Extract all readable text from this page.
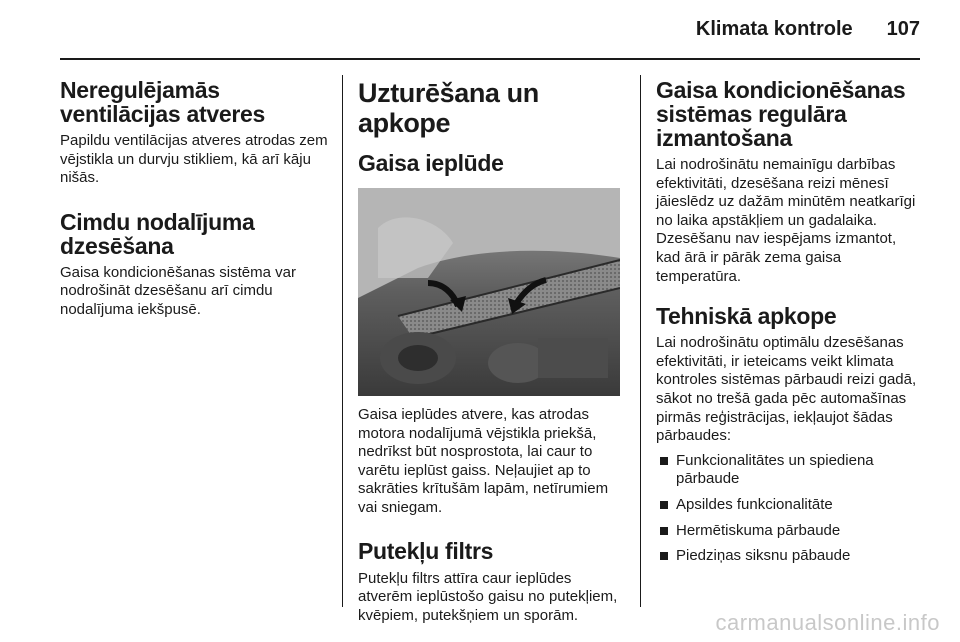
Klimata kontrole 107
Neregulējamās ventilācijas atveres

Papildu ventilācijas atveres atrodas zem vējstikla un durvju stikliem, kā arī kāju nišās.

Cimdu nodalījuma dzesēšana

Gaisa kondicionēšanas sistēma var nodrošināt dzesēšanu arī cimdu nodalījuma iekšpusē.

Uzturēšana un apkope
Gaisa ieplūde

Gaisa ieplūdes atvere, kas atrodas motora nodalījumā vējstikla priekšā, nedrīkst būt nosprostota, lai caur to varētu ieplūst gaiss. Neļaujiet ap to sakrāties krītušām lapām, netīrumiem vai sniegam.

Putekļu filtrs

Putekļu filtrs attīra caur ieplūdes atverēm ieplūstošo gaisu no putekļiem, kvēpiem, putekšņiem un sporām.

Gaisa kondicionēšanas sistēmas regulāra izmantošana

Lai nodrošinātu nemainīgu darbības efektivitāti, dzesēšana reizi mēnesī jāieslēdz uz dažām minūtēm neatkarīgi no laika apstākļiem un gadalaika. Dzesēšanu nav iespējams izmantot, kad ārā ir pārāk zema gaisa temperatūra.

Tehniskā apkope

Lai nodrošinātu optimālu dzesēšanas efektivitāti, ir ieteicams veikt klimata kontroles sistēmas pārbaudi reizi gadā, sākot no trešā gada pēc automašīnas pirmās reģistrācijas, iekļaujot šādas pārbaudes:

Funkcionalitātes un spiediena pārbaude
Apsildes funkcionalitāte
Hermētiskuma pārbaude
Piedziņas siksnu pābaude
carmanualsonline.info
